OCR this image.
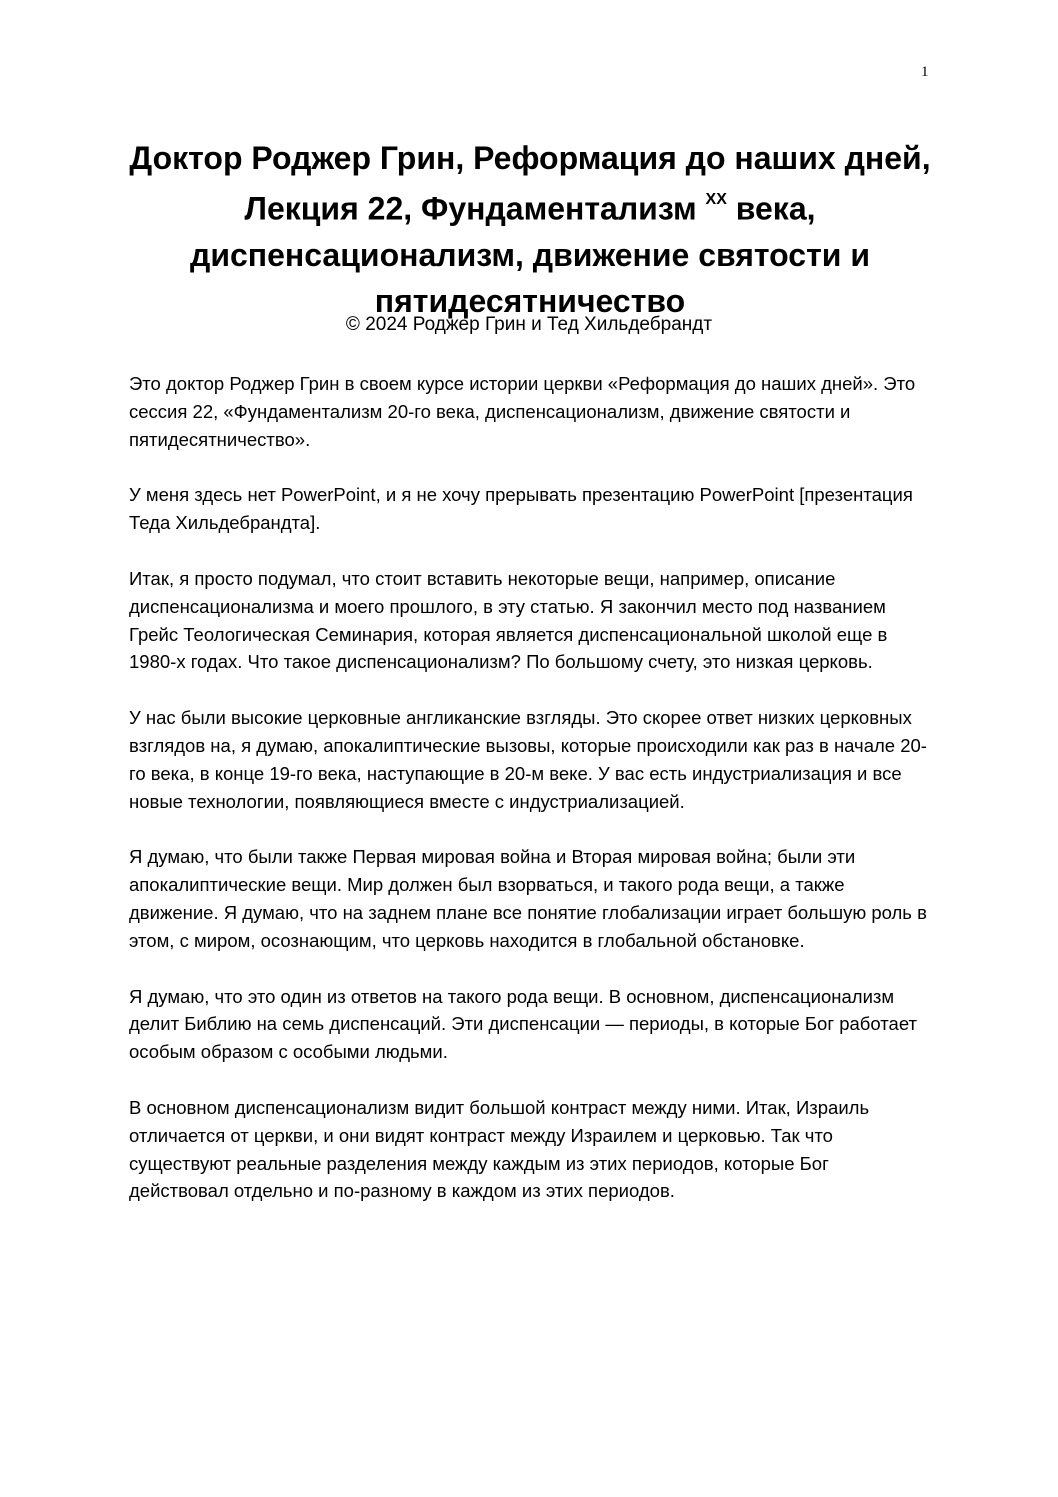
1
Доктор Роджер Грин, Реформация до наших дней, Лекция 22, Фундаментализм $^{XX}$ века, диспенсационализм, движение святости и пятидесятничество
© 2024 Роджер Грин и Тед Хильдебрандт

Это доктор Роджер Грин в своем курсе истории церкви «Реформация до наших дней». Это сессия 22, «Фундаментализм 20-го века, диспенсационализм, движение святости и пятидесятничество».

У меня здесь нет PowerPoint, и я не хочу прерывать презентацию PowerPoint [презентация Теда Хильдебрандта].

Итак, я просто подумал, что стоит вставить некоторые вещи, например, описание диспенсационализма и моего прошлого, в эту статью. Я закончил место под названием Грейс Теологическая Семинария, которая является диспенсациональной школой еще в 1980-х годах. Что такое диспенсационализм? По большому счету, это низкая церковь.

У нас были высокие церковные англиканские взгляды. Это скорее ответ низких церковных взглядов на, я думаю, апокалиптические вызовы, которые происходили как раз в начале 20-го века, в конце 19-го века, наступающие в 20-м веке. У вас есть индустриализация и все новые технологии, появляющиеся вместе с индустриализацией.

Я думаю, что были также Первая мировая война и Вторая мировая война; были эти апокалиптические вещи. Мир должен был взорваться, и такого рода вещи, а также движение. Я думаю, что на заднем плане все понятие глобализации играет большую роль в этом, с миром, осознающим, что церковь находится в глобальной обстановке.

Я думаю, что это один из ответов на такого рода вещи. В основном, диспенсационализм делит Библию на семь диспенсаций. Эти диспенсации — периоды, в которые Бог работает особым образом с особыми людьми.

В основном диспенсационализм видит большой контраст между ними. Итак, Израиль отличается от церкви, и они видят контраст между Израилем и церковью. Так что существуют реальные разделения между каждым из этих периодов, которые Бог действовал отдельно и по-разному в каждом из этих периодов.
